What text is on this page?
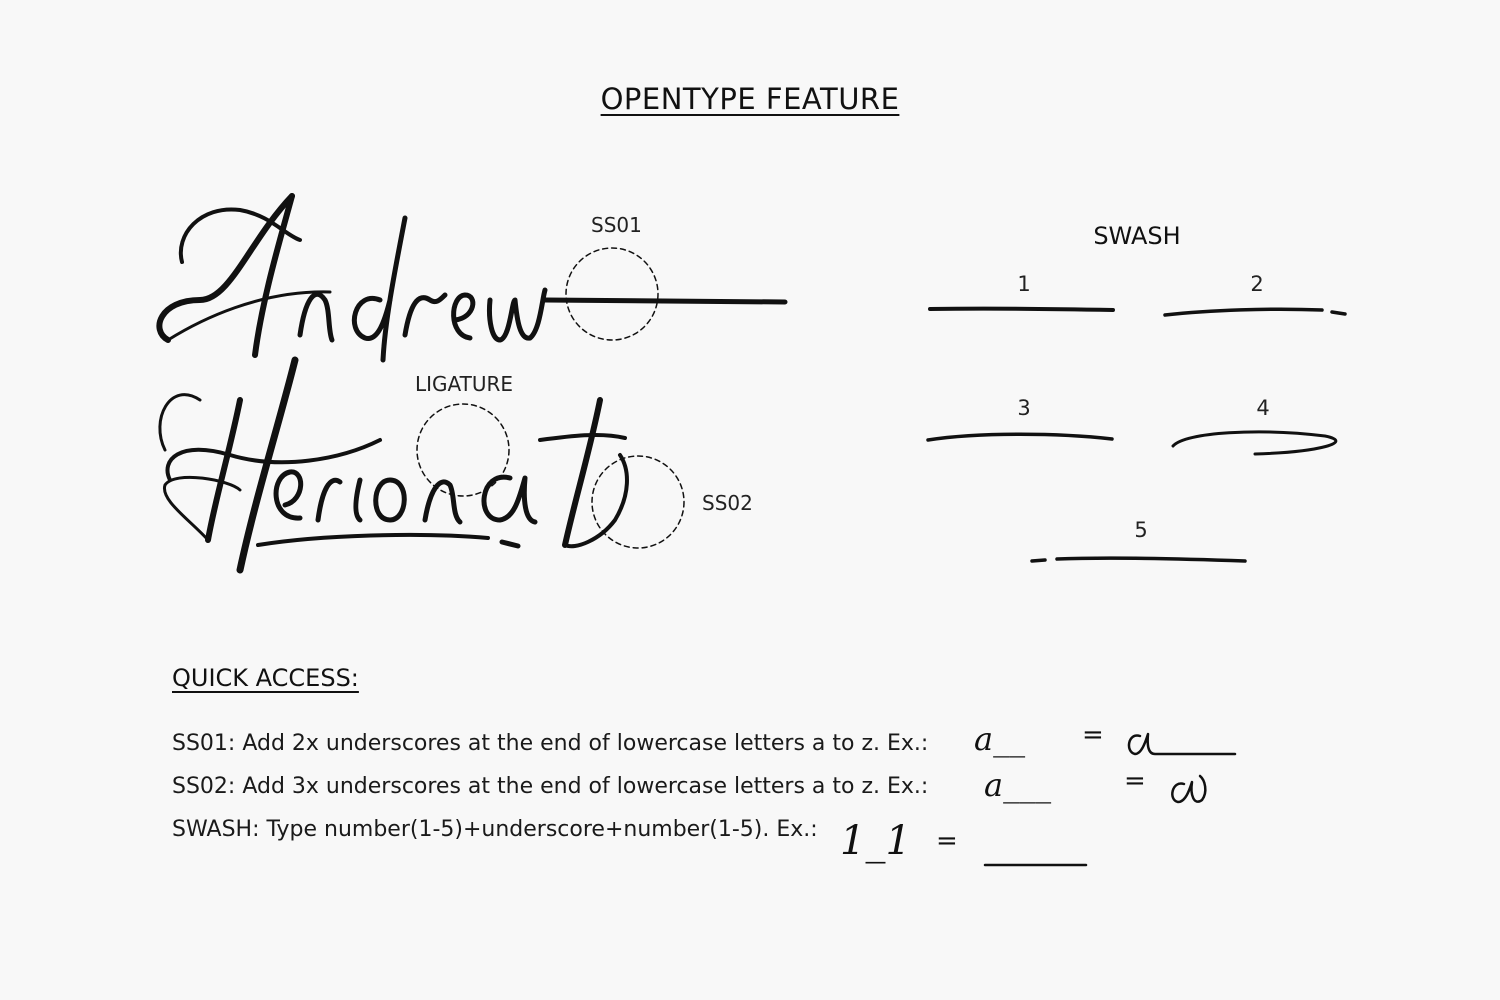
OPENTYPE FEATURE
SS01
LIGATURE
SS02
SWASH
1	2
3	4
5
QUICK ACCESS:
SS01: Add 2x underscores at the end of lowercase letters a to z. Ex.:
SS02: Add 3x underscores at the end of lowercase letters a to z. Ex.:
SWASH: Type number(1-5)+underscore+number(1-5). Ex.:
a__ =
a___	=
1_1 =
